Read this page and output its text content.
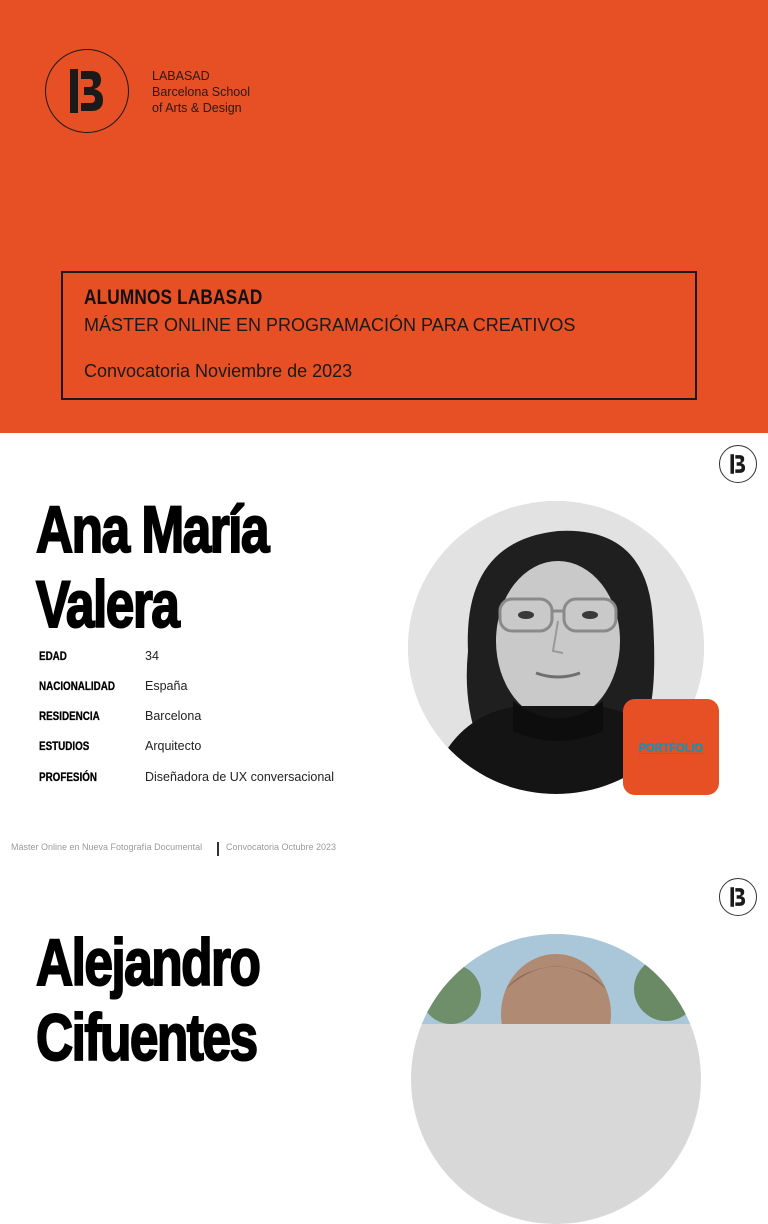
LABASAD
Barcelona School
of Arts & Design
ALUMNOS LABASAD
MÁSTER ONLINE EN PROGRAMACIÓN PARA CREATIVOS
Convocatoria Noviembre de 2023
Ana María
Valera
EDAD	34
NACIONALIDAD España
RESIDENCIA	Barcelona
ESTUDIOS	Arquitecto
PROFESIÓN	Diseñadora de UX conversacional
PORTFOLIO
Máster Online en Nueva Fotografía Documental	Convocatoria Octubre 2023
Alejandro
Cifuentes
